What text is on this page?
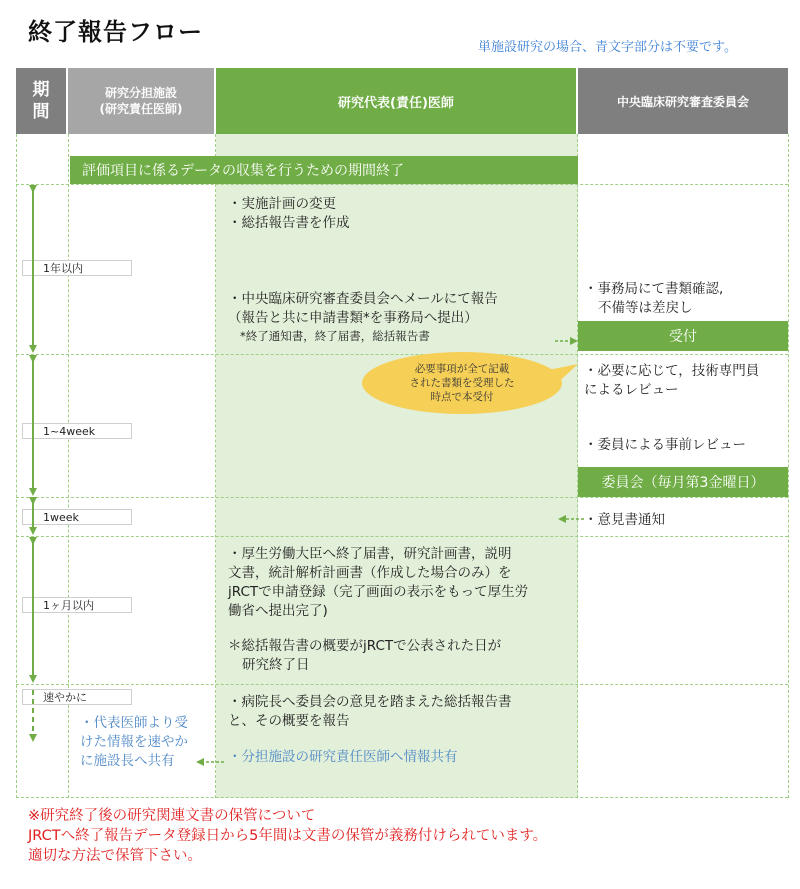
終了報告フロー
単施設研究の場合、青文字部分は不要です。
期
間
研究分担施設
(研究責任医師)	研究代表(責任)医師	中央臨床研究審査委員会
評価項目に係るデータの収集を行うための期間終了
1年以内
1~4week
1week
1ヶ月以内
速やかに
・実施計画の変更
・総括報告書を作成
・中央臨床研究審査委員会へメールにて報告
（報告と共に申請書類*を事務局へ提出）
*終了通知書，終了届書，総括報告書
・厚生労働大臣へ終了届書，研究計画書，説明
文書，統計解析計画書（作成した場合のみ）を
jRCTで申請登録（完了画面の表示をもって厚生労
働省へ提出完了)
＊総括報告書の概要がjRCTで公表された日が
研究終了日
・病院長へ委員会の意見を踏まえた総括報告書
と、その概要を報告
・分担施設の研究責任医師へ情報共有
必要事項が全て記載
された書類を受理した
時点で本受付
・事務局にて書類確認,
不備等は差戻し
受付
・必要に応じて，技術専門員
によるレビュー
・委員による事前レビュー
委員会（毎月第3金曜日）
・意見書通知
・代表医師より受
けた情報を速やか
に施設長へ共有
※研究終了後の研究関連文書の保管について
JRCTへ終了報告データ登録日から5年間は文書の保管が義務付けられています。
適切な方法で保管下さい。
